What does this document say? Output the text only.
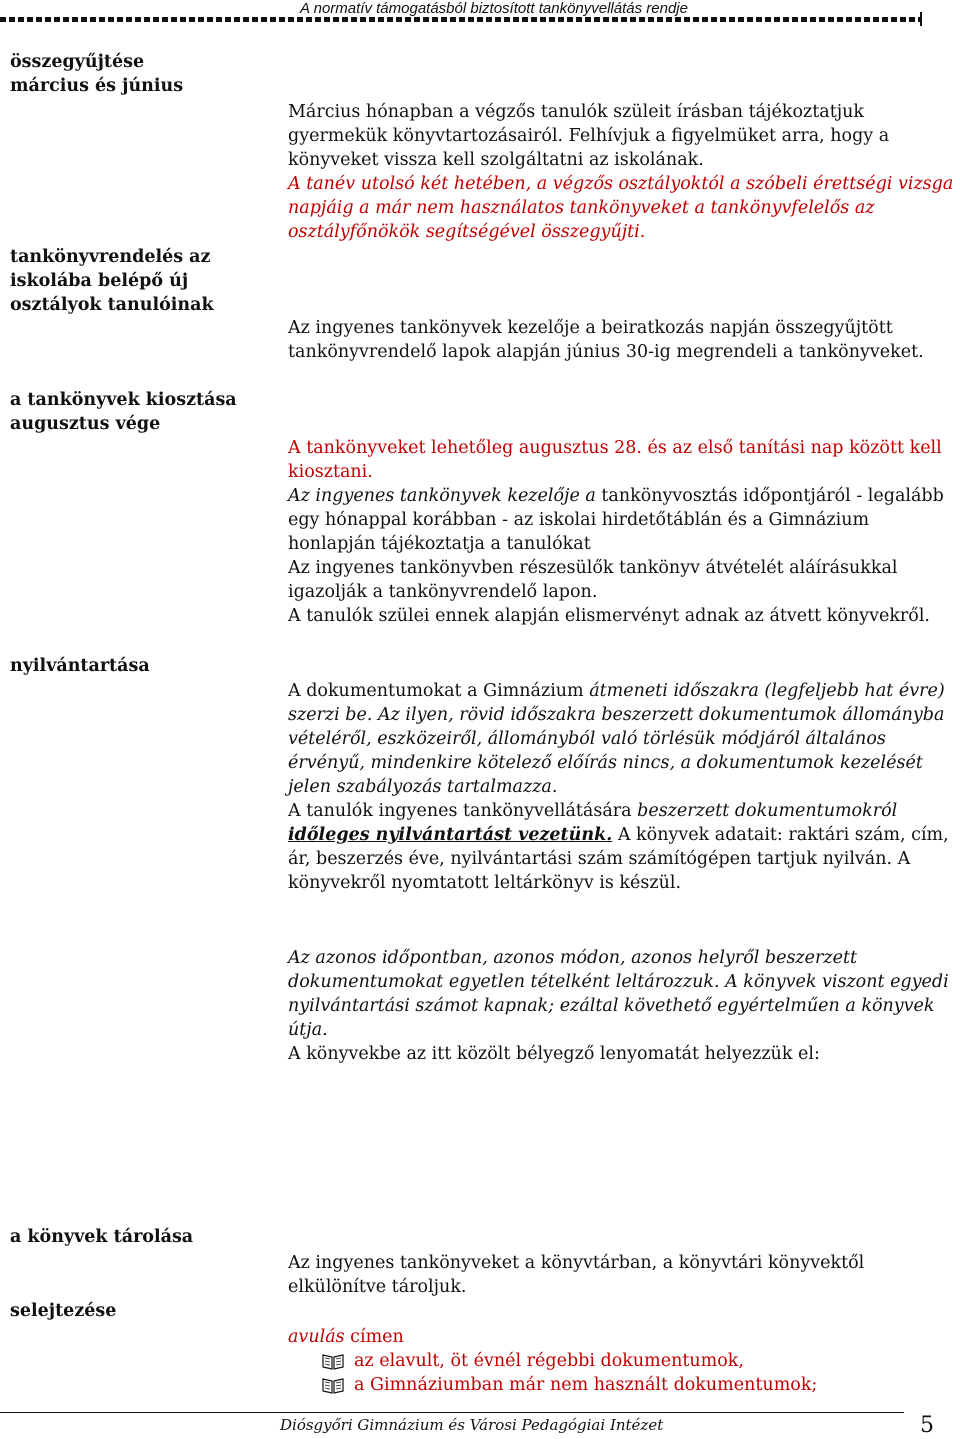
A normatív támogatásból biztosított tankönyvellátás rendje
összegyűjtése
március és június
tankönyvrendelés az
iskolába belépő új
osztályok tanulóinak
a tankönyvek kiosztása
augusztus vége
nyilvántartása
a könyvek tárolása
selejtezése

Március hónapban a végzős tanulók szüleit írásban tájékoztatjuk gyermekük könyvtartozásairól. Felhívjuk a figyelmüket arra, hogy a könyveket vissza kell szolgáltatni az iskolának.

A tanév utolsó két hetében, a végzős osztályoktól a szóbeli érettségi vizsga napjáig a már nem használatos tankönyveket a tankönyvfelelős az osztályfőnökök segítségével összegyűjti.

Az ingyenes tankönyvek kezelője a beiratkozás napján összegyűjtött tankönyvrendelő lapok alapján június 30-ig megrendeli a tankönyveket.

A tankönyveket lehetőleg augusztus 28. és az első tanítási nap között kell kiosztani.

Az ingyenes tankönyvek kezelője a tankönyvosztás időpontjáról - legalább egy hónappal korábban - az iskolai hirdetőtáblán és a Gimnázium honlapján tájékoztatja a tanulókat

Az ingyenes tankönyvben részesülők tankönyv átvételét aláírásukkal igazolják a tankönyvrendelő lapon.

A tanulók szülei ennek alapján elismervényt adnak az átvett könyvekről.

A dokumentumokat a Gimnázium átmeneti időszakra (legfeljebb hat évre) szerzi be. Az ilyen, rövid időszakra beszerzett dokumentumok állományba vételéről, eszközeiről, állományból való törlésük módjáról általános érvényű, mindenkire kötelező előírás nincs, a dokumentumok kezelését jelen szabályozás tartalmazza.

A tanulók ingyenes tankönyvellátására beszerzett dokumentumokról időleges nyilvántartást vezetünk. A könyvek adatait: raktári szám, cím, ár, beszerzés éve, nyilvántartási szám számítógépen tartjuk nyilván. A könyvekről nyomtatott leltárkönyv is készül.

Az azonos időpontban, azonos módon, azonos helyről beszerzett dokumentumokat egyetlen tételként leltározzuk. A könyvek viszont egyedi nyilvántartási számot kapnak; ezáltal követhető egyértelműen a könyvek útja.

A könyvekbe az itt közölt bélyegző lenyomatát helyezzük el:

Az ingyenes tankönyveket a könyvtárban, a könyvtári könyvektől elkülönítve tároljuk.

avulás címen

az elavult, öt évnél régebbi dokumentumok,
a Gimnáziumban már nem használt dokumentumok;
Diósgyőri Gimnázium és Városi Pedagógiai Intézet	5
